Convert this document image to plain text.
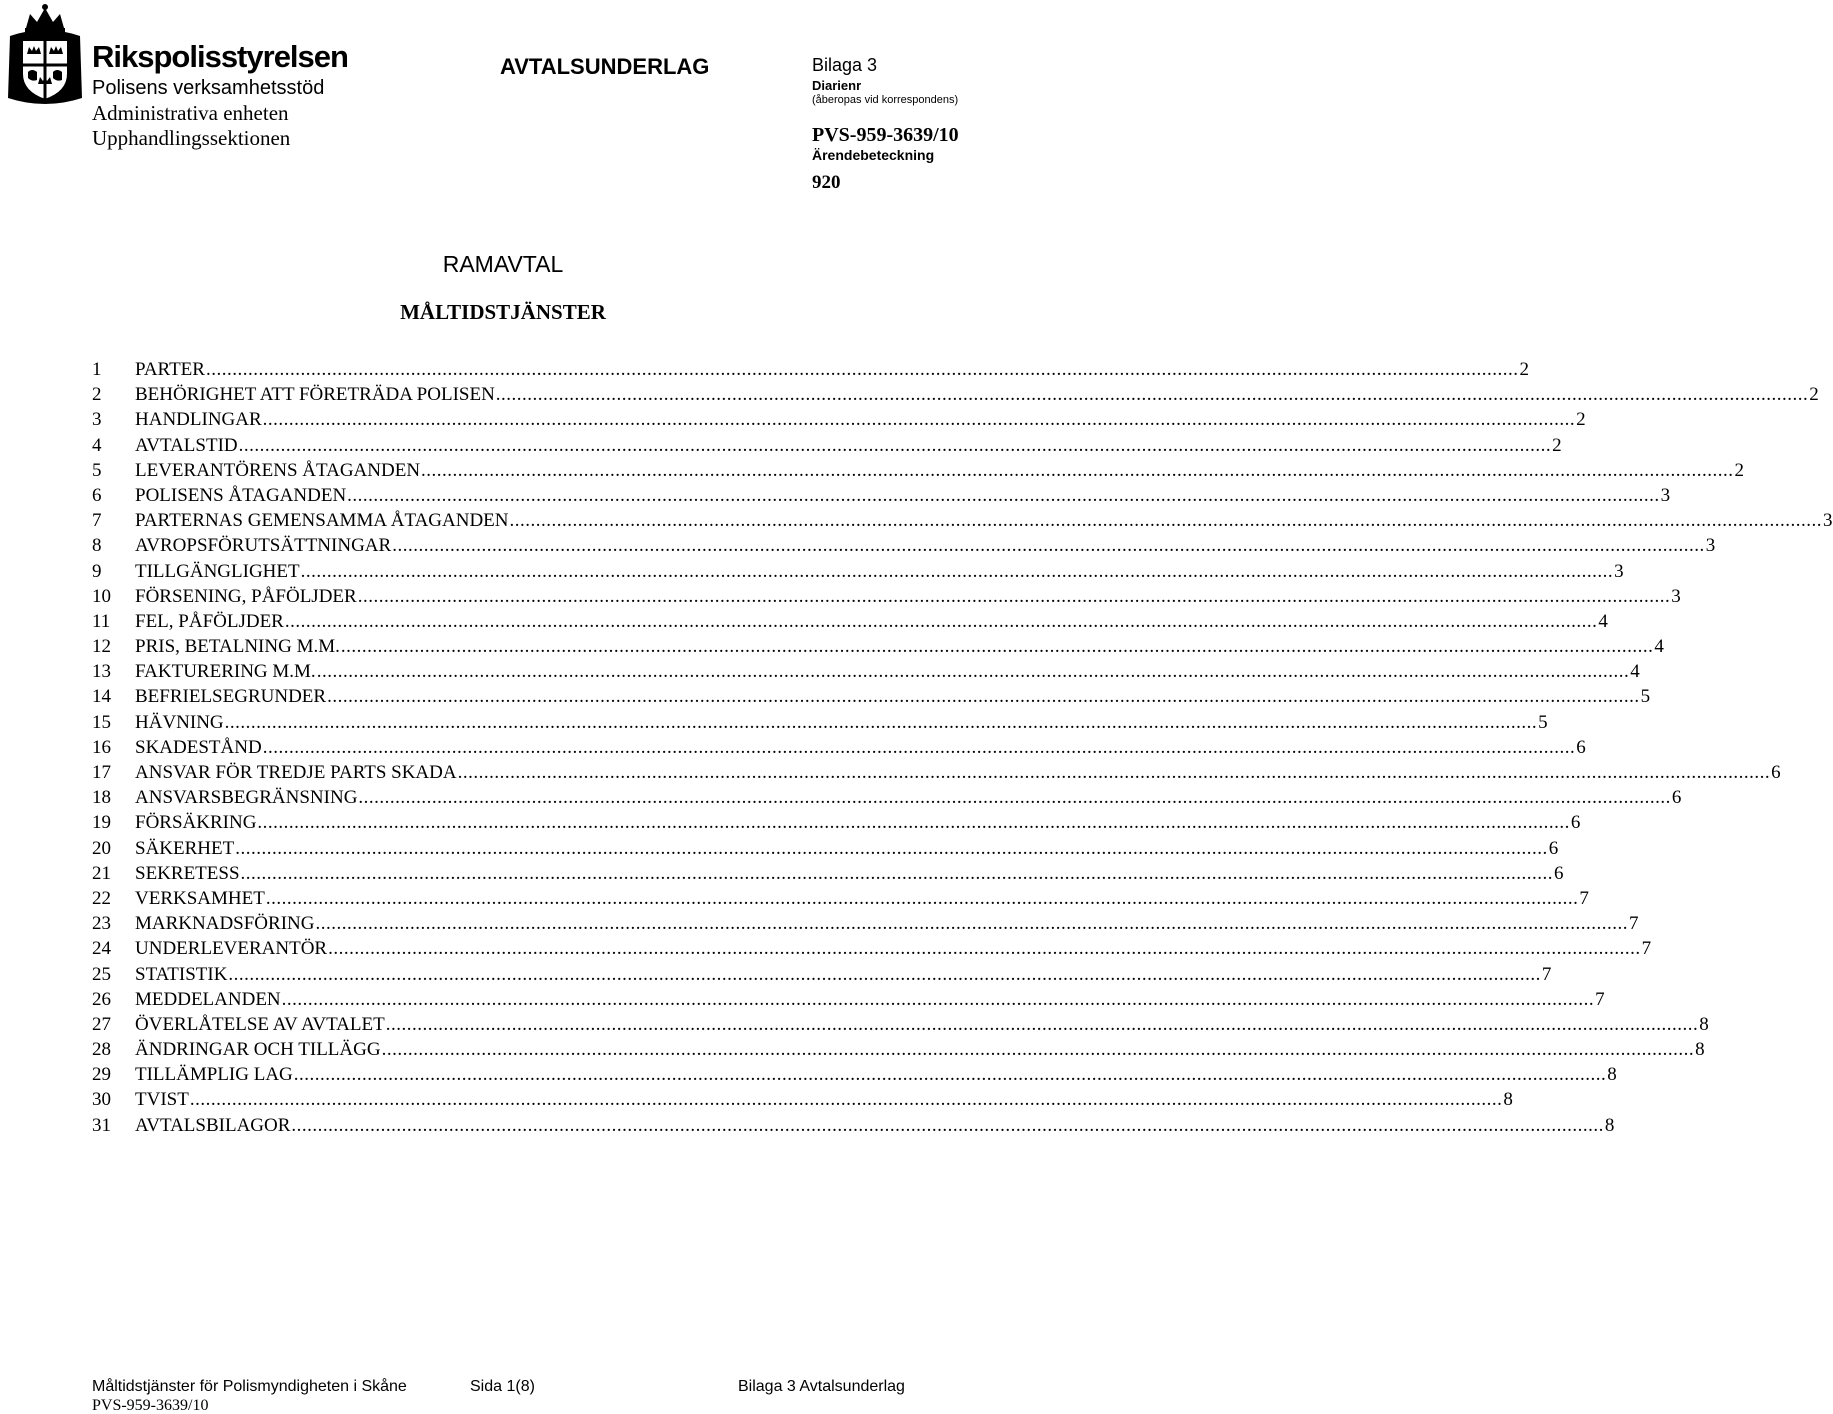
Rikspolisstyrelsen
Polisens verksamhetsstöd
Administrativa enheten
Upphandlingssektionen
AVTALSUNDERLAG	Bilaga 3
Diarienr
(åberopas vid korrespondens)
PVS-959-3639/10
Ärendebeteckning
920
RAMAVTAL
MÅLTIDSTJÄNSTER
1	PARTER .......................................................................................................................................................................................................................................................... 2
2	BEHÖRIGHET ATT FÖRETRÄDA POLISEN .......................................................................................................................................................................................................................................................... 2
3	HANDLINGAR .......................................................................................................................................................................................................................................................... 2
4	AVTALSTID .......................................................................................................................................................................................................................................................... 2
5	LEVERANTÖRENS ÅTAGANDEN .......................................................................................................................................................................................................................................................... 2
6	POLISENS ÅTAGANDEN .......................................................................................................................................................................................................................................................... 3
7	PARTERNAS GEMENSAMMA ÅTAGANDEN .......................................................................................................................................................................................................................................................... 3
8	AVROPSFÖRUTSÄTTNINGAR .......................................................................................................................................................................................................................................................... 3
9	TILLGÄNGLIGHET .......................................................................................................................................................................................................................................................... 3
10	FÖRSENING, PÅFÖLJDER .......................................................................................................................................................................................................................................................... 3
11	FEL, PÅFÖLJDER .......................................................................................................................................................................................................................................................... 4
12	PRIS, BETALNING M.M. .......................................................................................................................................................................................................................................................... 4
13	FAKTURERING M.M. .......................................................................................................................................................................................................................................................... 4
14	BEFRIELSEGRUNDER .......................................................................................................................................................................................................................................................... 5
15	HÄVNING .......................................................................................................................................................................................................................................................... 5
16	SKADESTÅND .......................................................................................................................................................................................................................................................... 6
17	ANSVAR FÖR TREDJE PARTS SKADA .......................................................................................................................................................................................................................................................... 6
18	ANSVARSBEGRÄNSNING .......................................................................................................................................................................................................................................................... 6
19	FÖRSÄKRING .......................................................................................................................................................................................................................................................... 6
20	SÄKERHET .......................................................................................................................................................................................................................................................... 6
21	SEKRETESS .......................................................................................................................................................................................................................................................... 6
22	VERKSAMHET .......................................................................................................................................................................................................................................................... 7
23	MARKNADSFÖRING .......................................................................................................................................................................................................................................................... 7
24	UNDERLEVERANTÖR .......................................................................................................................................................................................................................................................... 7
25	STATISTIK .......................................................................................................................................................................................................................................................... 7
26	MEDDELANDEN .......................................................................................................................................................................................................................................................... 7
27	ÖVERLÅTELSE AV AVTALET .......................................................................................................................................................................................................................................................... 8
28	ÄNDRINGAR OCH TILLÄGG .......................................................................................................................................................................................................................................................... 8
29	TILLÄMPLIG LAG .......................................................................................................................................................................................................................................................... 8
30	TVIST .......................................................................................................................................................................................................................................................... 8
31	AVTALSBILAGOR .......................................................................................................................................................................................................................................................... 8
Måltidstjänster för Polismyndigheten i Skåne	Sida 1(8)	Bilaga 3 Avtalsunderlag
PVS-959-3639/10
